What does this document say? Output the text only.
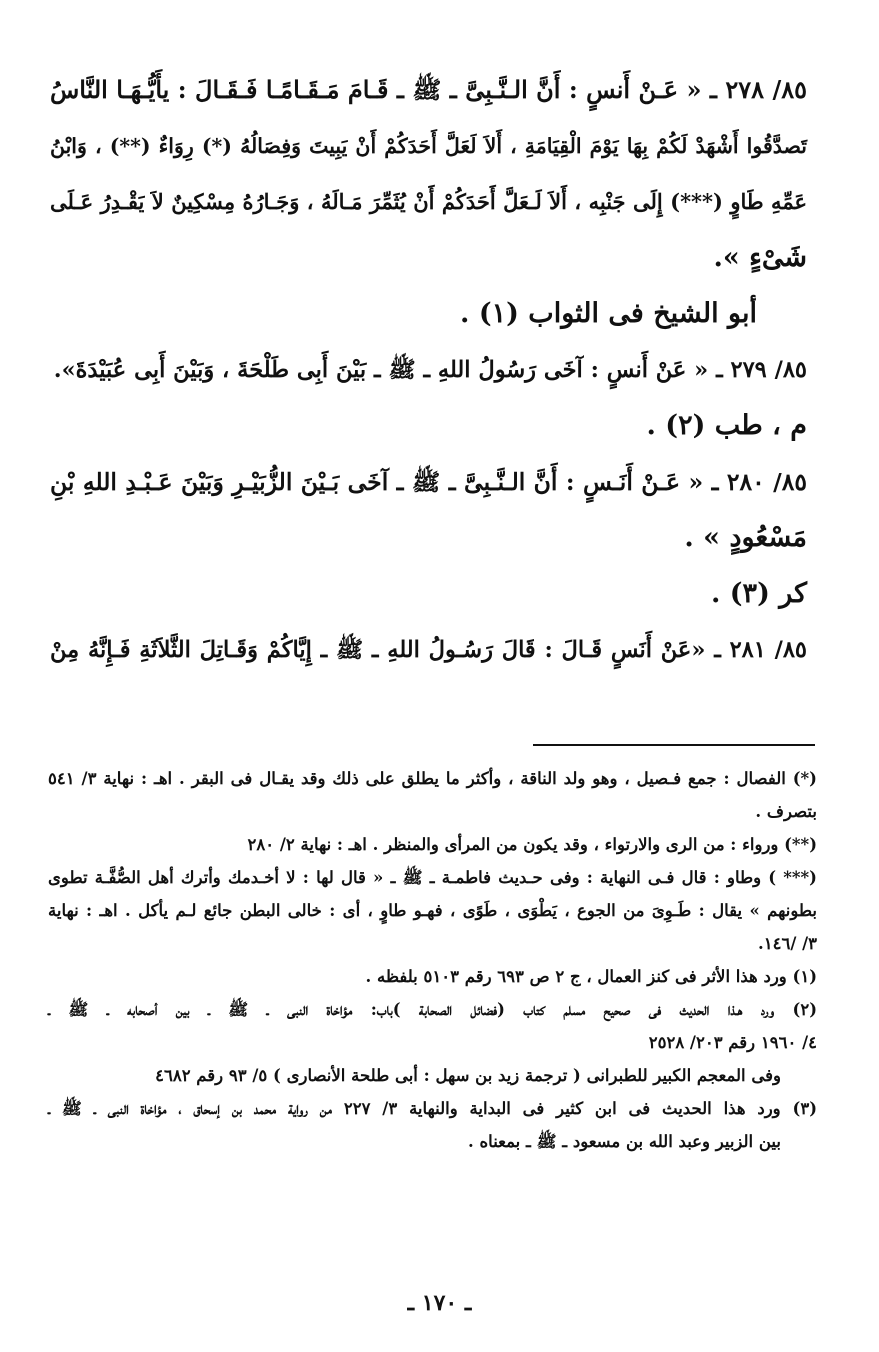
٨٥/ ٢٧٨ ـ « عَـنْ أَنسٍ : أَنَّ الـنَّـبِىَّ ـ ﷺ ـ قَـامَ مَـقَـامًـا فَـقَـالَ : يأَيُّـهَـا النَّاسُ
تَصدَّقُوا أَشْهَدْ لَكُمْ بِهَا يَوْمَ الْقِيَامَةِ ، أَلاَ لَعَلَّ أَحَدَكُمْ أَنْ يَبِيتَ وَفِصَالُهُ (*) رِوَاءٌ (**) ، وَابْنُ
عَمِّهِ طَاوٍ (***) إِلَى جَنْبِه ، أَلاَ لَـعَلَّ أَحَدَكُمْ أَنْ يُثَمِّرَ مَـالَهُ ، وَجَـارُهُ مِسْكِينٌ لاَ يَقْـدِرُ عَـلَى
شَىْءٍ ».
أبو الشيخ فى الثواب (١) .
٨٥/ ٢٧٩ ـ « عَنْ أَنسٍ : آخَى رَسُولُ اللهِ ـ ﷺ ـ بَيْنَ أَبِى طَلْحَةَ ، وَبَيْنَ أَبِى عُبَيْدَةَ».
م ، طب (٢) .
٨٥/ ٢٨٠ ـ « عَـنْ أَنَـسٍ : أَنَّ الـنَّـبِىَّ ـ ﷺ ـ آخَى بَـيْنَ الزُّبَيْـرِ وَبَيْنَ عَـبْـدِ اللهِ بْنِ
مَسْعُودٍ » .
كر (٣) .
٨٥/ ٢٨١ ـ «عَنْ أَنَسٍ قَـالَ : قَالَ رَسُـولُ اللهِ ـ ﷺ ـ إِيَّاكُمْ وَقَـاتِلَ الثَّلاَثَةِ فَـإِنَّهُ مِنْ
(*) الفصال : جمع فـصيل ، وهو ولد الناقة ، وأكثر ما يطلق على ذلك وقد يقـال فى البقر . اهـ : نهاية ٣/ ٥٤١
بتصرف .
(**) ورواء : من الرى والارتواء ، وقد يكون من المرأى والمنظر . اهـ : نهاية ٢/ ٢٨٠
(*** ) وطاو : قال فـى النهاية : وفى حـديث فاطمـة ـ ﷺ ـ « قال لها : لا أخـدمك وأترك أهل الصُّفَّـة تطوى
بطونهم » يقال : طَـوِىَ من الجوع ، يَطْوَى ، طَوًى ، فهـو طاوٍ ، أى : خالى البطن جائع لـم يأكل . اهـ : نهاية
٣/ /١٤٦.
(١) ورد هذا الأثر فى كنز العمال ، ج ٢ ص ٦٩٣ رقم ٥١٠٣ بلفظه .
(٢) ورد هـذا الحديث فى صحيح مسلم كتاب (فضائل الصحابة )باب: مؤاخاة النبى ـ ﷺ ـ بين أصحابه ـ ﷺ ـ
٤/ ١٩٦٠ رقم ٢٠٣/ ٢٥٢٨
وفى المعجم الكبير للطبرانى ( ترجمة زيد بن سهل : أبى طلحة الأنصارى ) ٥/ ٩٣ رقم ٤٦٨٢
(٣) ورد هذا الحديث فى ابن كثير فى البداية والنهاية ٣/ ٢٢٧ من رواية محمد بن إسحاق ، مؤاخاة النبى ـ ﷺ ـ
بين الزبير وعبد الله بن مسعود ـ ﷺ ـ بمعناه .
ـ ١٧٠ ـ
